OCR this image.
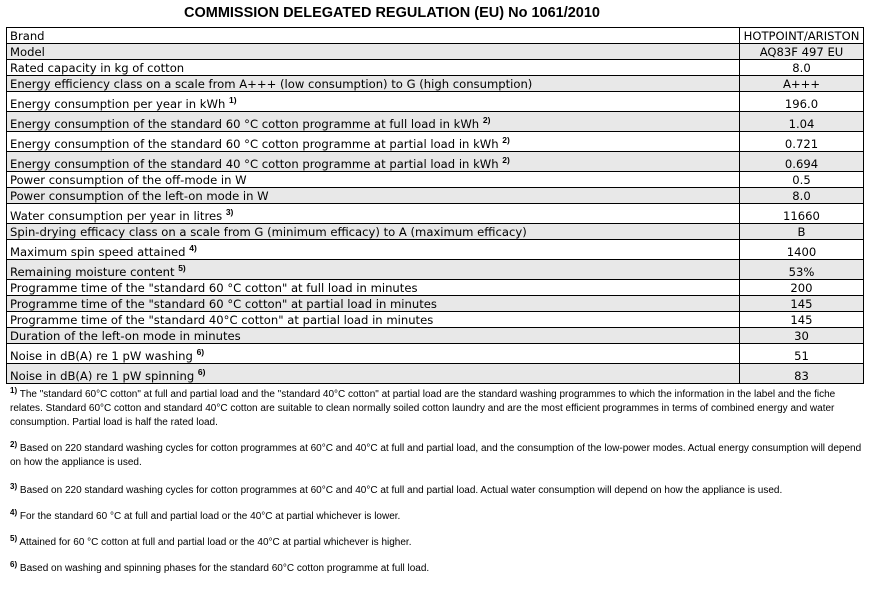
COMMISSION DELEGATED REGULATION (EU) No 1061/2010
Brand	HOTPOINT/ARISTON
Model	AQ83F 497 EU
Rated capacity in kg of cotton	8.0
Energy efficiency class on a scale from A+++ (low consumption) to G (high consumption)	A+++
Energy consumption per year in kWh $^{1)}$	196.0
Energy consumption of the standard 60 °C cotton programme at full load in kWh $^{2)}$	1.04
Energy consumption of the standard 60 °C cotton programme at partial load in kWh $^{2)}$	0.721
Energy consumption of the standard 40 °C cotton programme at partial load in kWh $^{2)}$	0.694
Power consumption of the off-mode in W	0.5
Power consumption of the left-on mode in W	8.0
Water consumption per year in litres $^{3)}$	11660
Spin-drying efficacy class on a scale from G (minimum efficacy) to A (maximum efficacy)	B
Maximum spin speed attained $^{4)}$	1400
Remaining moisture content $^{5)}$	53%
Programme time of the "standard 60 °C cotton" at full load in minutes	200
Programme time of the "standard 60 °C cotton" at partial load in minutes	145
Programme time of the "standard 40°C cotton" at partial load in minutes	145
Duration of the left-on mode in minutes	30
Noise in dB(A) re 1 pW washing $^{6)}$	51
Noise in dB(A) re 1 pW spinning $^{6)}$	83
$^{1)}$ The "standard 60°C cotton" at full and partial load and the "standard 40°C cotton" at partial load are the standard washing programmes to which the information in the label and the fiche relates. Standard 60°C cotton and standard 40°C cotton are suitable to clean normally soiled cotton laundry and are the most efficient programmes in terms of combined energy and water consumption. Partial load is half the rated load.
$^{2)}$ Based on 220 standard washing cycles for cotton programmes at 60°C and 40°C at full and partial load, and the consumption of the low-power modes. Actual energy consumption will depend on how the appliance is used.
$^{3)}$ Based on 220 standard washing cycles for cotton programmes at 60°C and 40°C at full and partial load. Actual water consumption will depend on how the appliance is used.
$^{4)}$ For the standard 60 °C at full and partial load or the 40°C at partial whichever is lower.
$^{5)}$ Attained for 60 °C cotton at full and partial load or the 40°C at partial whichever is higher.
$^{6)}$ Based on washing and spinning phases for the standard 60°C cotton programme at full load.
